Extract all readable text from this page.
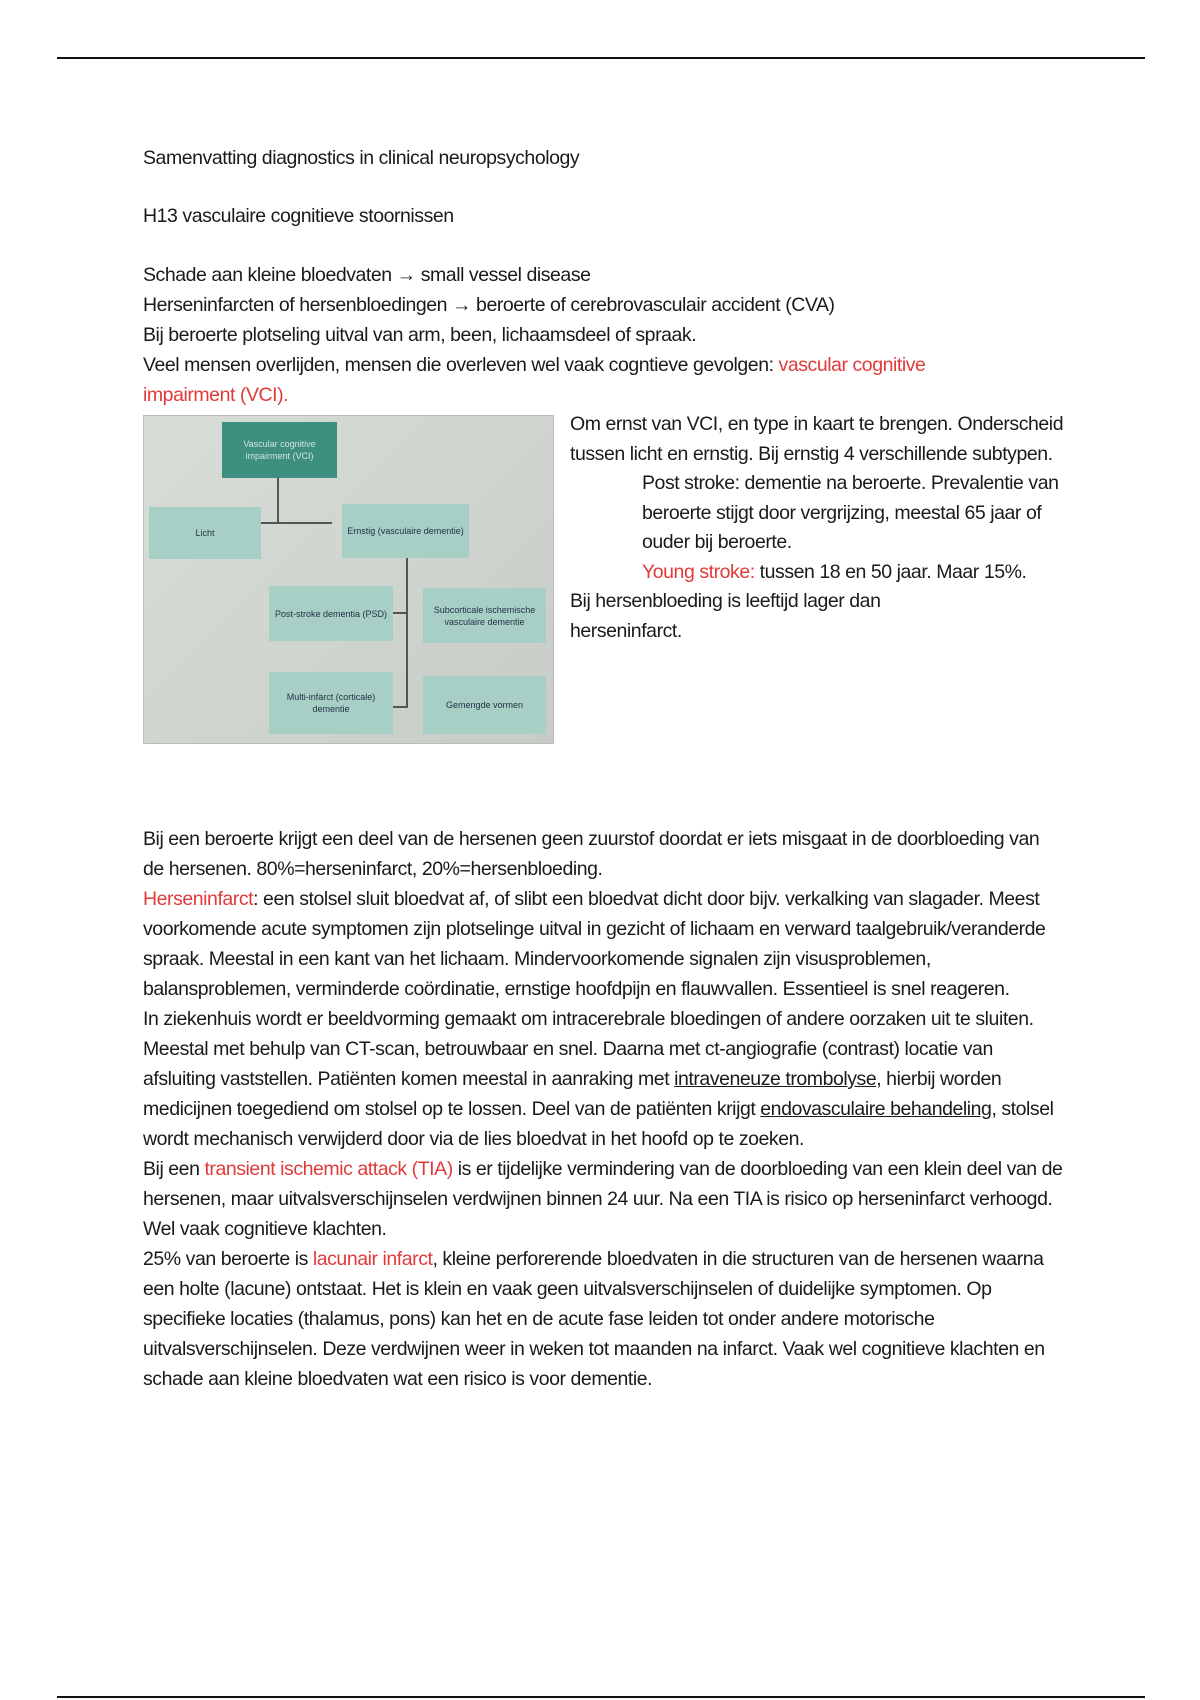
Samenvatting diagnostics in clinical neuropsychology
H13 vasculaire cognitieve stoornissen

Schade aan kleine bloedvaten → small vessel disease

Herseninfarcten of hersenbloedingen → beroerte of cerebrovasculair accident (CVA)

Bij beroerte plotseling uitval van arm, been, lichaamsdeel of spraak.

Veel mensen overlijden, mensen die overleven wel vaak cogntieve gevolgen: vascular cognitive impairment (VCI).

Vascular cognitive impairment (VCI)
Licht	Ernstig (vasculaire dementie)
Post-stroke dementia (PSD)	Subcorticale ischemische vasculaire dementie
Multi-infarct (corticale) dementie	Gemengde vormen

Om ernst van VCI, en type in kaart te brengen. Onderscheid tussen licht en ernstig. Bij ernstig 4 verschillende subtypen.

Post stroke: dementie na beroerte. Prevalentie van beroerte stijgt door vergrijzing, meestal 65 jaar of ouder bij beroerte.

Young stroke: tussen 18 en 50 jaar. Maar 15%.

Bij hersenbloeding is leeftijd lager dan herseninfarct.

Bij een beroerte krijgt een deel van de hersenen geen zuurstof doordat er iets misgaat in de doorbloeding van de hersenen. 80%=herseninfarct, 20%=hersenbloeding.

Herseninfarct: een stolsel sluit bloedvat af, of slibt een bloedvat dicht door bijv. verkalking van slagader. Meest voorkomende acute symptomen zijn plotselinge uitval in gezicht of lichaam en verward taalgebruik/veranderde spraak. Meestal in een kant van het lichaam. Mindervoorkomende signalen zijn visusproblemen, balansproblemen, verminderde coördinatie, ernstige hoofdpijn en flauwvallen. Essentieel is snel reageren.

In ziekenhuis wordt er beeldvorming gemaakt om intracerebrale bloedingen of andere oorzaken uit te sluiten. Meestal met behulp van CT-scan, betrouwbaar en snel. Daarna met ct-angiografie (contrast) locatie van afsluiting vaststellen. Patiënten komen meestal in aanraking met intraveneuze trombolyse, hierbij worden medicijnen toegediend om stolsel op te lossen. Deel van de patiënten krijgt endovasculaire behandeling, stolsel wordt mechanisch verwijderd door via de lies bloedvat in het hoofd op te zoeken.

Bij een transient ischemic attack (TIA) is er tijdelijke vermindering van de doorbloeding van een klein deel van de hersenen, maar uitvalsverschijnselen verdwijnen binnen 24 uur. Na een TIA is risico op herseninfarct verhoogd. Wel vaak cognitieve klachten.

25% van beroerte is lacunair infarct, kleine perforerende bloedvaten in die structuren van de hersenen waarna een holte (lacune) ontstaat. Het is klein en vaak geen uitvalsverschijnselen of duidelijke symptomen. Op specifieke locaties (thalamus, pons) kan het en de acute fase leiden tot onder andere motorische uitvalsverschijnselen. Deze verdwijnen weer in weken tot maanden na infarct. Vaak wel cognitieve klachten en schade aan kleine bloedvaten wat een risico is voor dementie.
